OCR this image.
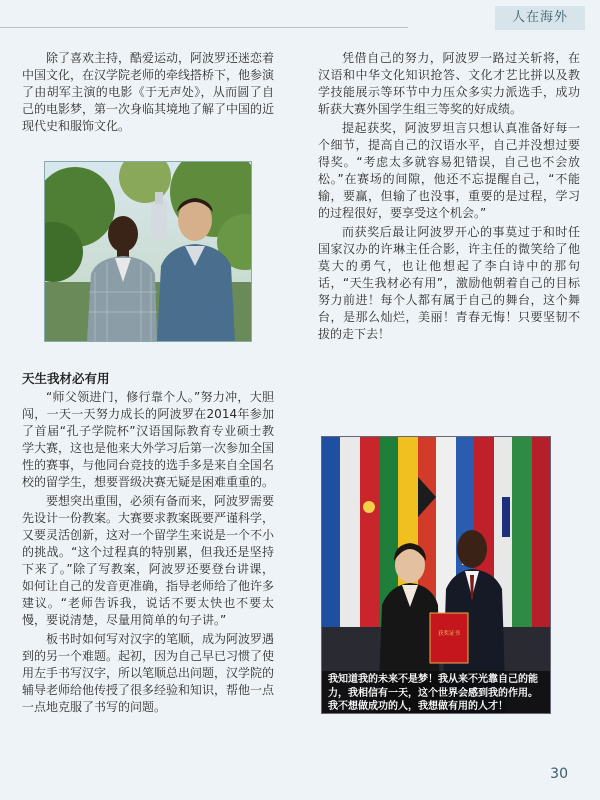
人在海外

除了喜欢主持，酷爱运动，阿波罗还迷恋着中国文化，在汉学院老师的牵线搭桥下，他参演了由胡军主演的电影《于无声处》，从而圆了自己的电影梦，第一次身临其境地了解了中国的近现代史和服饰文化。

天生我材必有用

“师父领进门，修行靠个人。”努力冲，大胆闯，一天一天努力成长的阿波罗在2014年参加了首届“孔子学院杯”汉语国际教育专业硕士教学大赛，这也是他来大外学习后第一次参加全国性的赛事，与他同台竞技的选手多是来自全国名校的留学生，想要晋级决赛无疑是困难重重的。

要想突出重围，必须有备而来，阿波罗需要先设计一份教案。大赛要求教案既要严谨科学，又要灵活创新，这对一个留学生来说是一个不小的挑战。“这个过程真的特别累，但我还是坚持下来了。”除了写教案，阿波罗还要登台讲课，如何让自己的发音更准确，指导老师给了他许多建议。“老师告诉我，说话不要太快也不要太慢，要说清楚，尽量用简单的句子讲。”

板书时如何写对汉字的笔顺，成为阿波罗遇到的另一个难题。起初，因为自己早已习惯了使用左手书写汉字，所以笔顺总出问题，汉学院的辅导老师给他传授了很多经验和知识，帮他一点一点地克服了书写的问题。

凭借自己的努力，阿波罗一路过关斩将，在汉语和中华文化知识抢答、文化才艺比拼以及教学技能展示等环节中力压众多实力派选手，成功斩获大赛外国学生组三等奖的好成绩。

提起获奖，阿波罗坦言只想认真准备好每一个细节，提高自己的汉语水平，自己并没想过要得奖。“考虑太多就容易犯错误，自己也不会放松。”在赛场的间隙，他还不忘提醒自己，“不能输，要赢，但输了也没事，重要的是过程，学习的过程很好，要享受这个机会。”

而获奖后最让阿波罗开心的事莫过于和时任国家汉办的许琳主任合影，许主任的微笑给了他莫大的勇气，也让他想起了李白诗中的那句话，“天生我材必有用”，激励他朝着自己的目标努力前进！每个人都有属于自己的舞台，这个舞台，是那么灿烂，美丽！青春无悔！只要坚韧不拔的走下去！

获奖证书
我知道我的未来不是梦！我从来不光靠自己的能力，我相信有一天，这个世界会感到我的作用。我不想做成功的人，我想做有用的人才！
30
